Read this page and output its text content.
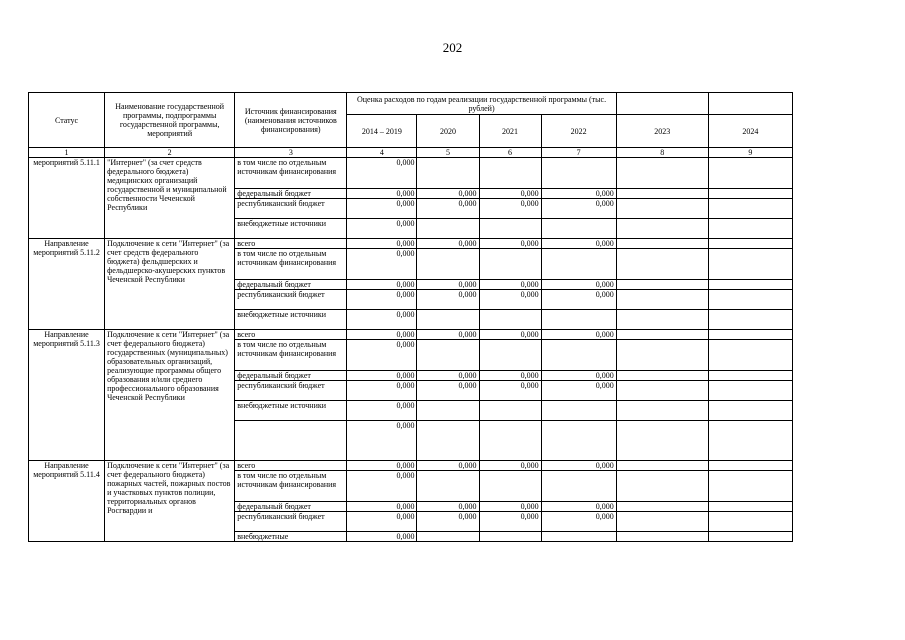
202
Статус	Наименование государственной программы, подпрограммы государственной программы, мероприятий	Источник финансирования (наименования источников финансирования)	Оценка расходов по годам реализации государственной программы (тыс. рублей)					
			2014 – 2019	2020	2021	2022	2023	2024
1	2	3	4	5	6	7	8	9
мероприятий 5.11.1	"Интернет" (за счет средств федерального бюджета) медицинских организаций государственной и муниципальной собственности Чеченской Республики	в том числе по отдельным источникам финансирования	0,000					
		федеральный бюджет	0,000	0,000	0,000	0,000		
		республиканский бюджет	0,000	0,000	0,000	0,000		
		внебюджетные источники	0,000					
Направление мероприятий 5.11.2	Подключение к сети "Интернет" (за счет средств федерального бюджета) фельдшерских и фельдшерско-акушерских пунктов Чеченской Республики	всего	0,000	0,000	0,000	0,000		
		в том числе по отдельным источникам финансирования	0,000					
		федеральный бюджет	0,000	0,000	0,000	0,000		
		республиканский бюджет	0,000	0,000	0,000	0,000		
		внебюджетные источники	0,000					
Направление мероприятий 5.11.3	Подключение к сети "Интернет" (за счет федерального бюджета) государственных (муниципальных) образовательных организаций, реализующие программы общего образования и/или среднего профессионального образования Чеченской Республики	всего	0,000	0,000	0,000	0,000		
		в том числе по отдельным источникам финансирования	0,000					
		федеральный бюджет	0,000	0,000	0,000	0,000		
		республиканский бюджет	0,000	0,000	0,000	0,000		
		внебюджетные источники	0,000					
			0,000					
Направление мероприятий 5.11.4	Подключение к сети "Интернет" (за счет федерального бюджета) пожарных частей, пожарных постов и участковых пунктов полиции, территориальных органов Росгвардии и	всего	0,000	0,000	0,000	0,000		
		в том числе по отдельным источникам финансирования	0,000					
		федеральный бюджет	0,000	0,000	0,000	0,000		
		республиканский бюджет	0,000	0,000	0,000	0,000		
		внебюджетные	0,000					
